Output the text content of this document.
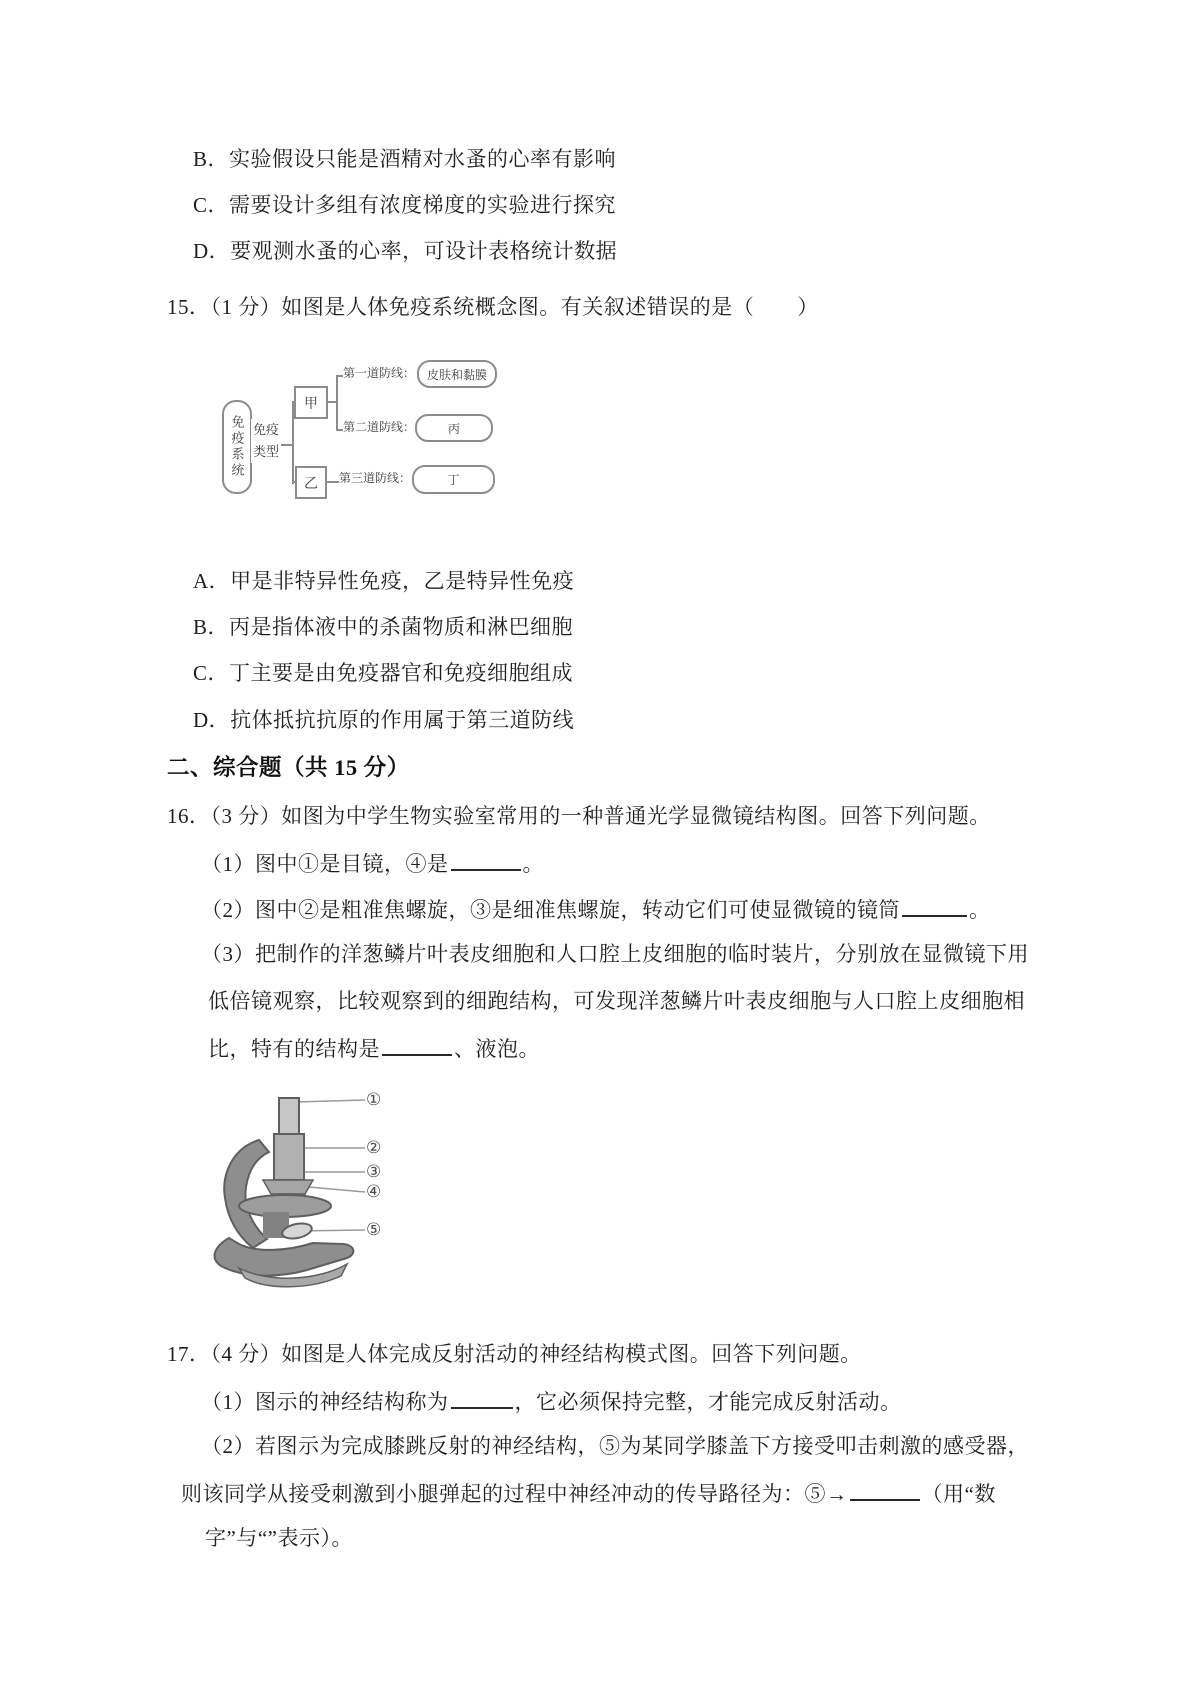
B．实验假设只能是酒精对水蚤的心率有影响
C．需要设计多组有浓度梯度的实验进行探究
D．要观测水蚤的心率，可设计表格统计数据
15．（1 分）如图是人体免疫系统概念图。有关叙述错误的是（　　）
免疫系统 免疫类型
甲
乙
第一道防线： 皮肤和黏膜
第二道防线：	丙
第三道防线：	丁
A．甲是非特异性免疫，乙是特异性免疫
B．丙是指体液中的杀菌物质和淋巴细胞
C．丁主要是由免疫器官和免疫细胞组成
D．抗体抵抗抗原的作用属于第三道防线
二、综合题（共 15 分）
16．（3 分）如图为中学生物实验室常用的一种普通光学显微镜结构图。回答下列问题。
（1）图中①是目镜，④是	。
（2）图中②是粗准焦螺旋，③是细准焦螺旋，转动它们可使显微镜的镜筒	。
（3）把制作的洋葱鳞片叶表皮细胞和人口腔上皮细胞的临时装片，分别放在显微镜下用
低倍镜观察，比较观察到的细跑结构，可发现洋葱鳞片叶表皮细胞与人口腔上皮细胞相
比，特有的结构是	、液泡。
①
②
③
④
⑤
17．（4 分）如图是人体完成反射活动的神经结构模式图。回答下列问题。
（1）图示的神经结构称为	，它必须保持完整，才能完成反射活动。
（2）若图示为完成膝跳反射的神经结构，⑤为某同学膝盖下方接受叩击刺激的感受器，
则该同学从接受刺激到小腿弹起的过程中神经冲动的传导路径为：⑤→	（用“数
字”与“”表示）。
